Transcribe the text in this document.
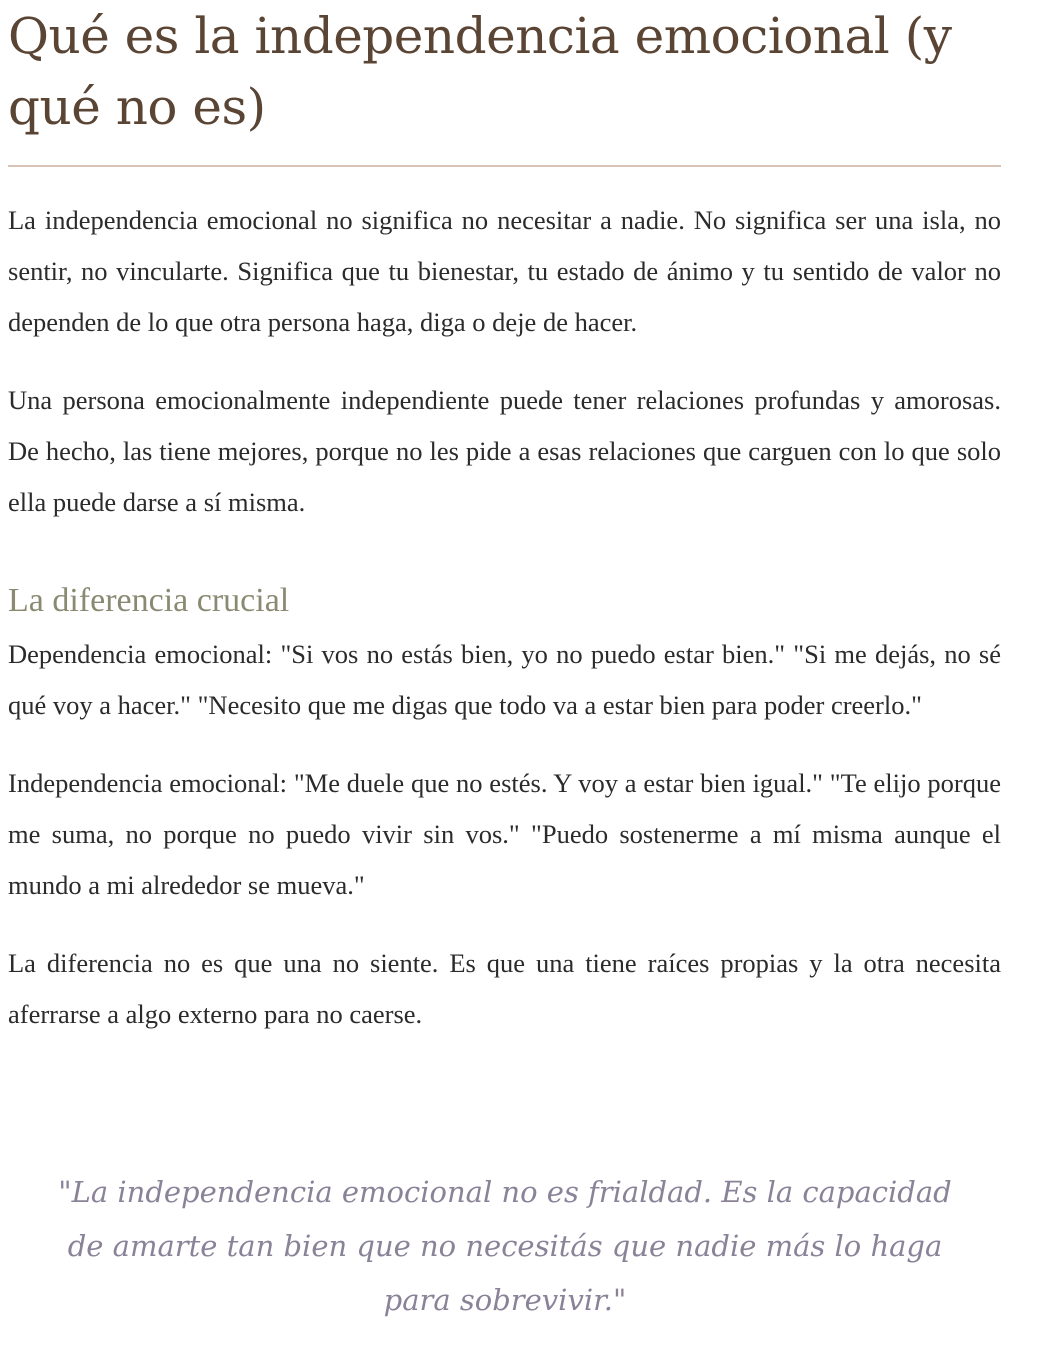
Qué es la independencia emocional (y qué no es)

La independencia emocional no significa no necesitar a nadie. No significa ser una isla, no sentir, no vincularte. Significa que tu bienestar, tu estado de ánimo y tu sentido de valor no dependen de lo que otra persona haga, diga o deje de hacer.

Una persona emocionalmente independiente puede tener relaciones profundas y amorosas. De hecho, las tiene mejores, porque no les pide a esas relaciones que carguen con lo que solo ella puede darse a sí misma.

La diferencia crucial

Dependencia emocional: "Si vos no estás bien, yo no puedo estar bien." "Si me dejás, no sé qué voy a hacer." "Necesito que me digas que todo va a estar bien para poder creerlo."

Independencia emocional: "Me duele que no estés. Y voy a estar bien igual." "Te elijo porque me suma, no porque no puedo vivir sin vos." "Puedo sostenerme a mí misma aunque el mundo a mi alrededor se mueva."

La diferencia no es que una no siente. Es que una tiene raíces propias y la otra necesita aferrarse a algo externo para no caerse.

"La independencia emocional no es frialdad. Es la capacidad de amarte tan bien que no necesitás que nadie más lo haga para sobrevivir."
